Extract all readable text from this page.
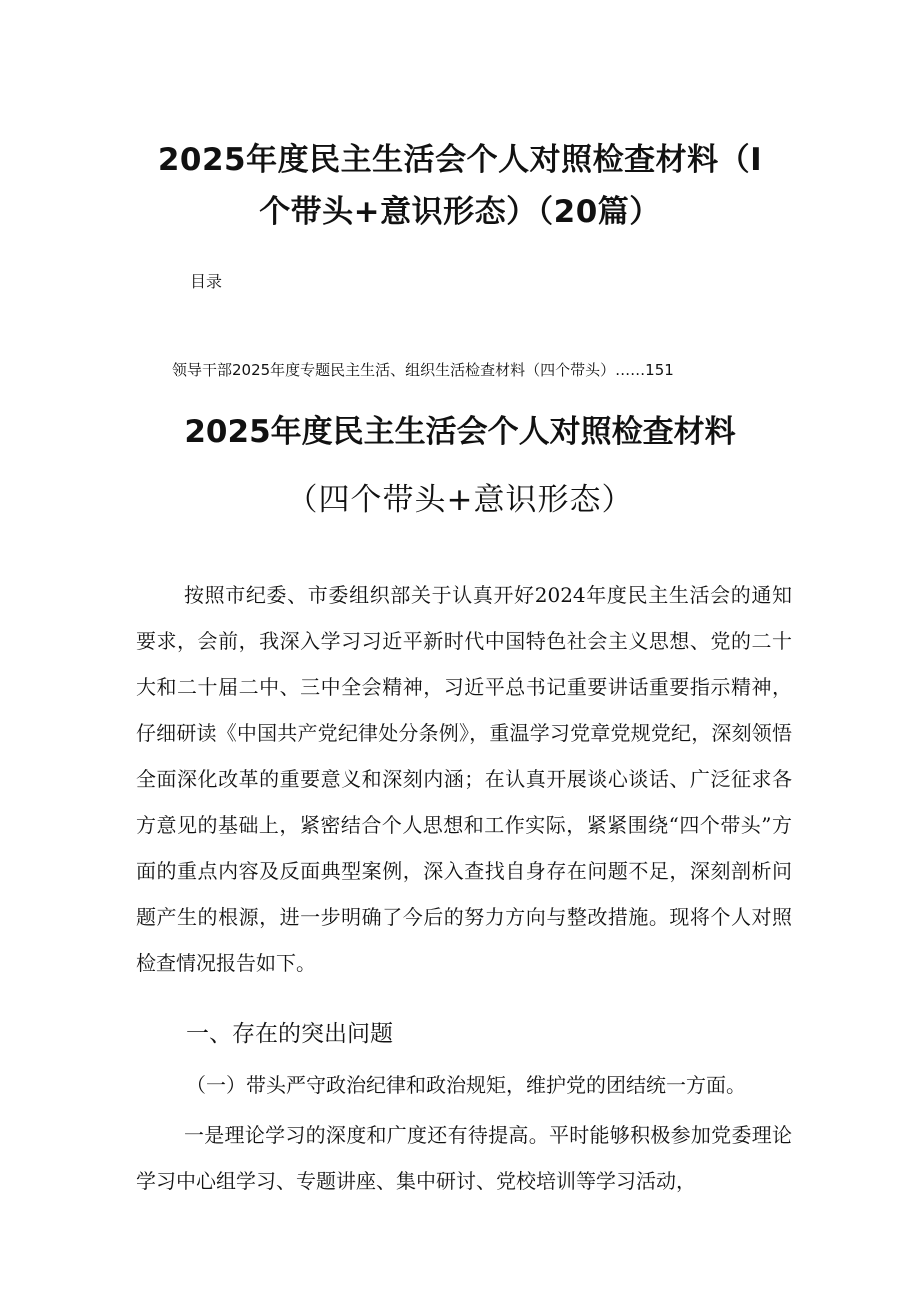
2025年度民主生活会个人对照检查材料（I
个带头+意识形态）（20篇）
目录
领导干部2025年度专题民主生活、组织生活检查材料（四个带头）……151
2025年度民主生活会个人对照检查材料
（四个带头+意识形态）

按照市纪委、市委组织部关于认真开好2024年度民主生活会的通知要求，会前，我深入学习习近平新时代中国特色社会主义思想、党的二十大和二十届二中、三中全会精神，习近平总书记重要讲话重要指示精神，仔细研读《中国共产党纪律处分条例》，重温学习党章党规党纪，深刻领悟全面深化改革的重要意义和深刻内涵；在认真开展谈心谈话、广泛征求各方意见的基础上，紧密结合个人思想和工作实际，紧紧围绕“四个带头”方面的重点内容及反面典型案例，深入查找自身存在问题不足，深刻剖析问题产生的根源，进一步明确了今后的努力方向与整改措施。现将个人对照检查情况报告如下。

一、存在的突出问题
（一）带头严守政治纪律和政治规矩，维护党的团结统一方面。

一是理论学习的深度和广度还有待提高。平时能够积极参加党委理论学习中心组学习、专题讲座、集中研讨、党校培训等学习活动，
